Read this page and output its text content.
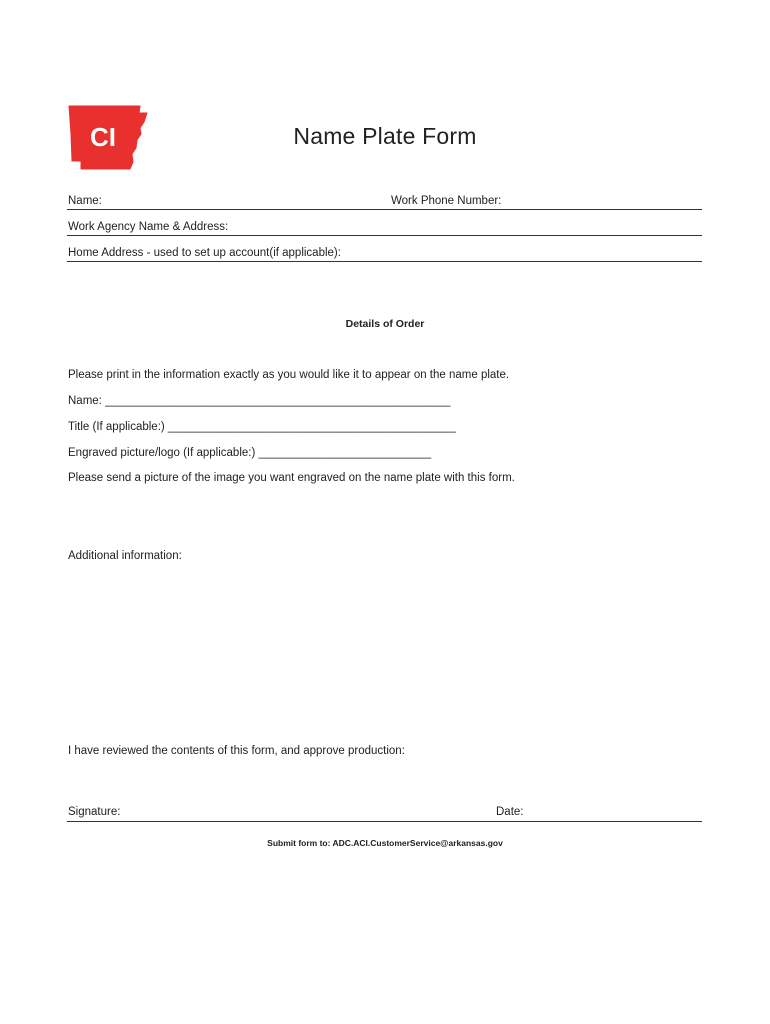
CI	Name Plate Form
Name:	Work Phone Number:
Work Agency Name & Address:
Home Address - used to set up account(if applicable):
Details of Order
Please print in the information exactly as you would like it to appear on the name plate.
Name: ______________________________________________________
Title (If applicable:) _____________________________________________
Engraved picture/logo (If applicable:) ___________________________
Please send a picture of the image you want engraved on the name plate with this form.
Additional information:
I have reviewed the contents of this form, and approve production:
Signature:	Date:
Submit form to: ADC.ACI.CustomerService@arkansas.gov
